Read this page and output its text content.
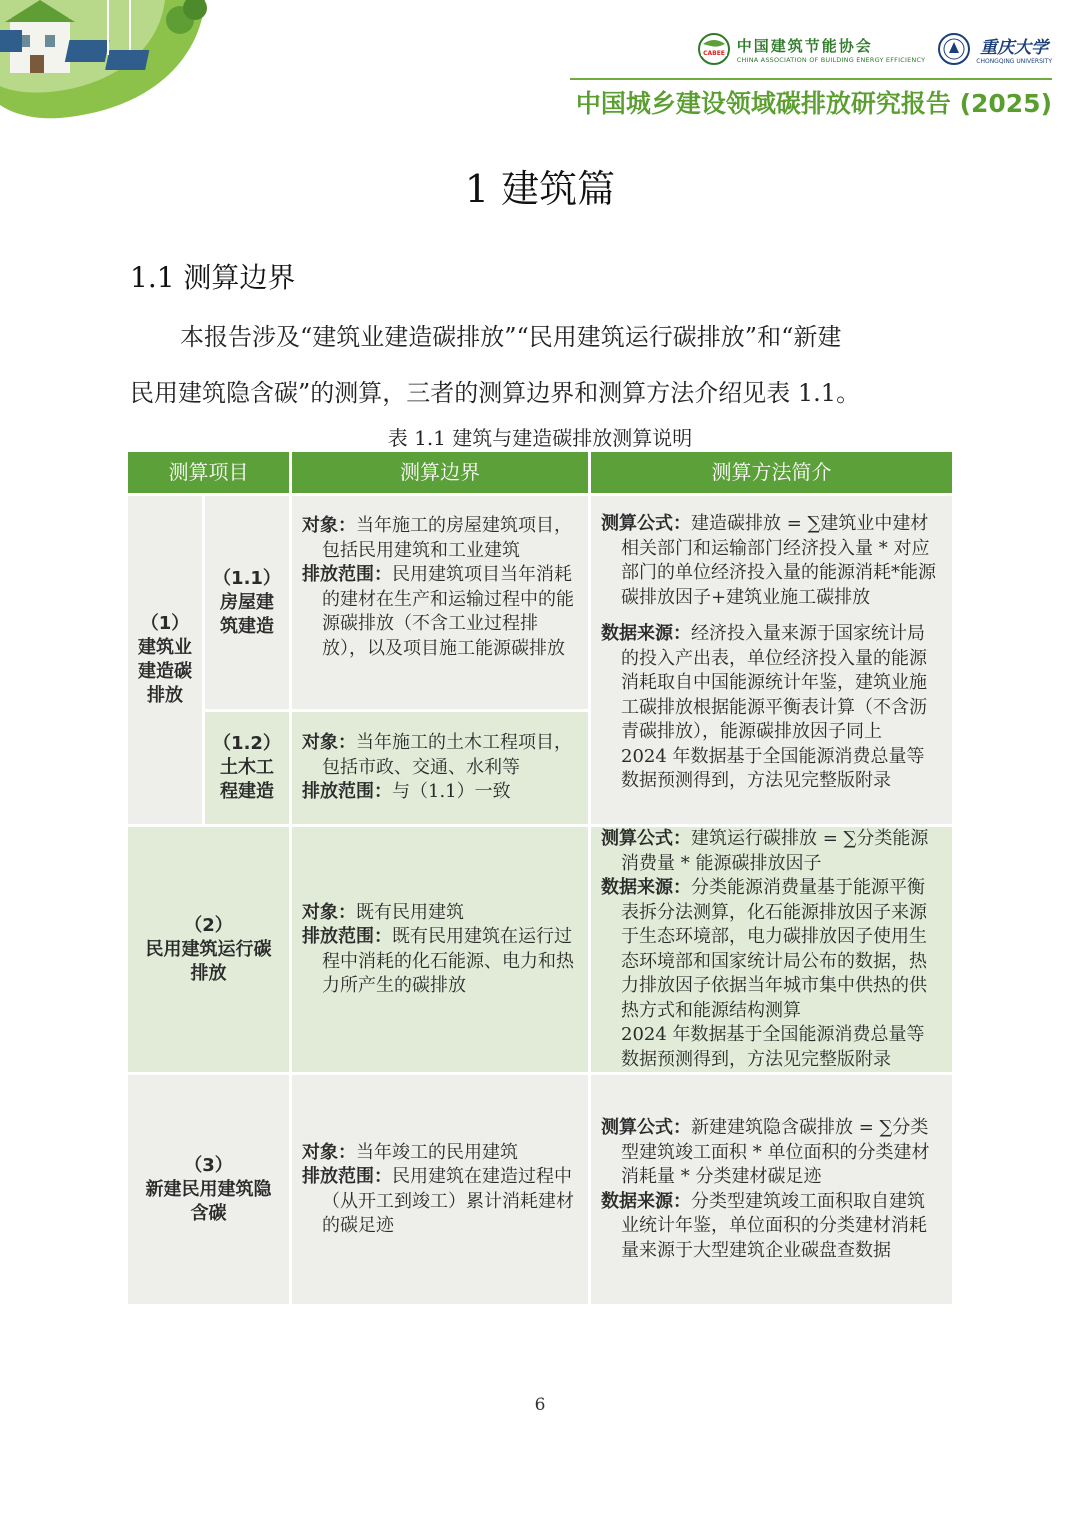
CABEE 中国建筑节能协会
CHINA ASSOCIATION OF BUILDING ENERGY EFFICIENCY
重庆大学
CHONGQING UNIVERSITY
中国城乡建设领域碳排放研究报告 (2025)
1 建筑篇
1.1 测算边界
本报告涉及“建筑业建造碳排放”“民用建筑运行碳排放”和“新建
民用建筑隐含碳”的测算，三者的测算边界和测算方法介绍见表 1.1。
表 1.1 建筑与建造碳排放测算说明
测算项目	测算边界	测算方法简介
（1）
建筑业
建造碳
排放
（1.1）
房屋建
筑建造
对象：当年施工的房屋建筑项目，包括民用建筑和工业建筑
排放范围：民用建筑项目当年消耗的建材在生产和运输过程中的能源碳排放（不含工业过程排放），以及项目施工能源碳排放
（1.2）
土木工
程建造
对象：当年施工的土木工程项目，包括市政、交通、水利等
排放范围：与（1.1）一致
测算公式：建造碳排放 = ∑建筑业中建材相关部门和运输部门经济投入量 * 对应部门的单位经济投入量的能源消耗*能源碳排放因子+建筑业施工碳排放
数据来源：经济投入量来源于国家统计局的投入产出表，单位经济投入量的能源消耗取自中国能源统计年鉴，建筑业施工碳排放根据能源平衡表计算（不含沥青碳排放），能源碳排放因子同上
2024 年数据基于全国能源消费总量等数据预测得到，方法见完整版附录
（2）
民用建筑运行碳
排放
对象：既有民用建筑
排放范围：既有民用建筑在运行过程中消耗的化石能源、电力和热力所产生的碳排放
测算公式：建筑运行碳排放 = ∑分类能源消费量 * 能源碳排放因子
数据来源：分类能源消费量基于能源平衡表拆分法测算，化石能源排放因子来源于生态环境部，电力碳排放因子使用生态环境部和国家统计局公布的数据，热力排放因子依据当年城市集中供热的供热方式和能源结构测算
2024 年数据基于全国能源消费总量等数据预测得到，方法见完整版附录
（3）
新建民用建筑隐
含碳
对象：当年竣工的民用建筑
排放范围：民用建筑在建造过程中（从开工到竣工）累计消耗建材的碳足迹
测算公式：新建建筑隐含碳排放 = ∑分类型建筑竣工面积 * 单位面积的分类建材消耗量 * 分类建材碳足迹
数据来源：分类型建筑竣工面积取自建筑业统计年鉴，单位面积的分类建材消耗量来源于大型建筑企业碳盘查数据
6
